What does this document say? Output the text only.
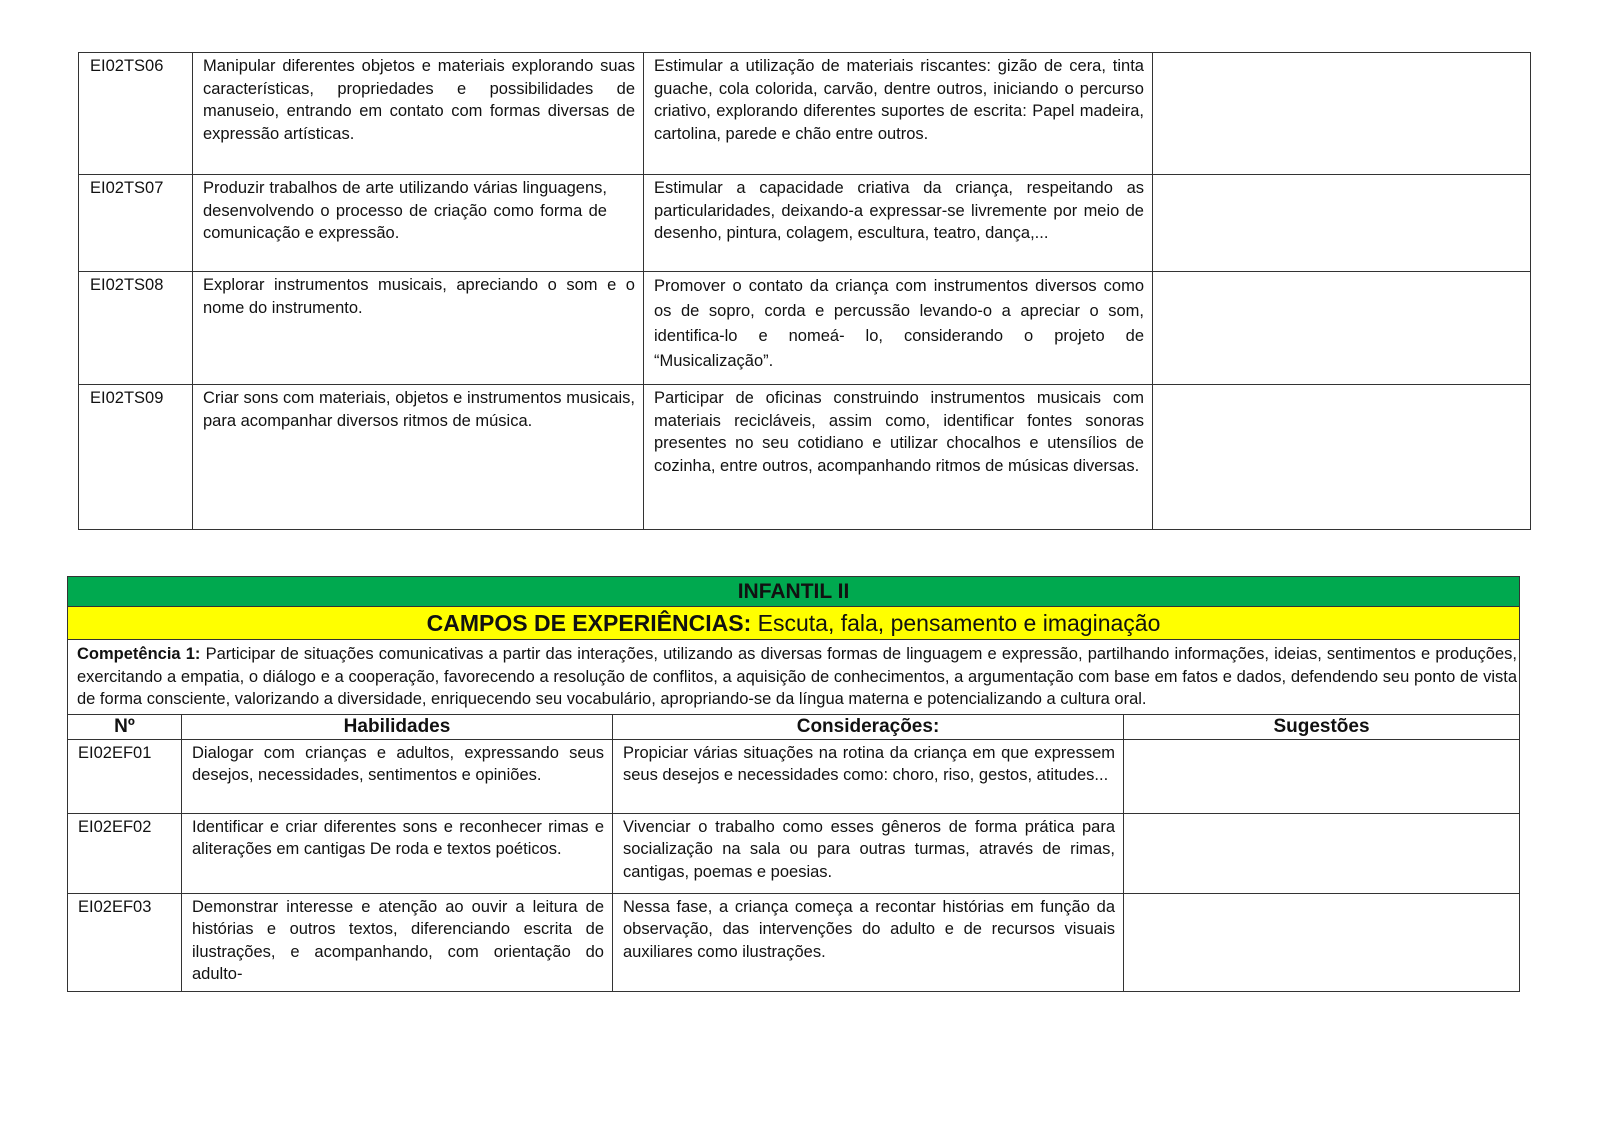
EI02TS06	Manipular diferentes objetos e materiais explorando suas características, propriedades e possibilidades de manuseio, entrando em contato com formas diversas de expressão artísticas.	Estimular a utilização de materiais riscantes: gizão de cera, tinta guache, cola colorida, carvão, dentre outros, iniciando o percurso criativo, explorando diferentes suportes de escrita: Papel madeira, cartolina, parede e chão entre outros.	
EI02TS07	Produzir trabalhos de arte utilizando várias linguagens, desenvolvendo o processo de criação como forma de comunicação e expressão.	Estimular a capacidade criativa da criança, respeitando as particularidades, deixando-a expressar-se livremente por meio de desenho, pintura, colagem, escultura, teatro, dança,...	
EI02TS08	Explorar instrumentos musicais, apreciando o som e o nome do instrumento.	Promover o contato da criança com instrumentos diversos como os de sopro, corda e percussão levando-o a apreciar o som, identifica-lo e nomeá- lo, considerando o projeto de “Musicalização”.	
EI02TS09	Criar sons com materiais, objetos e instrumentos musicais, para acompanhar diversos ritmos de música.	Participar de oficinas construindo instrumentos musicais com materiais recicláveis, assim como, identificar fontes sonoras presentes no seu cotidiano e utilizar chocalhos e utensílios de cozinha, entre outros, acompanhando ritmos de músicas diversas.	
INFANTIL II			
CAMPOS DE EXPERIÊNCIAS: Escuta, fala, pensamento e imaginação			
Competência 1: Participar de situações comunicativas a partir das interações, utilizando as diversas formas de linguagem e expressão, partilhando informações, ideias, sentimentos e produções, exercitando a empatia, o diálogo e a cooperação, favorecendo a resolução de conflitos, a aquisição de conhecimentos, a argumentação com base em fatos e dados, defendendo seu ponto de vista de forma consciente, valorizando a diversidade, enriquecendo seu vocabulário, apropriando-se da língua materna e potencializando a cultura oral.			
Nº	Habilidades	Considerações:	Sugestões
EI02EF01	Dialogar com crianças e adultos, expressando seus desejos, necessidades, sentimentos e opiniões.	Propiciar várias situações na rotina da criança em que expressem seus desejos e necessidades como: choro, riso, gestos, atitudes...	
EI02EF02	Identificar e criar diferentes sons e reconhecer rimas e aliterações em cantigas De roda e textos poéticos.	Vivenciar o trabalho como esses gêneros de forma prática para socialização na sala ou para outras turmas, através de rimas, cantigas, poemas e poesias.	
EI02EF03	Demonstrar interesse e atenção ao ouvir a leitura de histórias e outros textos, diferenciando escrita de ilustrações, e acompanhando, com orientação do adulto-	Nessa fase, a criança começa a recontar histórias em função da observação, das intervenções do adulto e de recursos visuais auxiliares como ilustrações.	
